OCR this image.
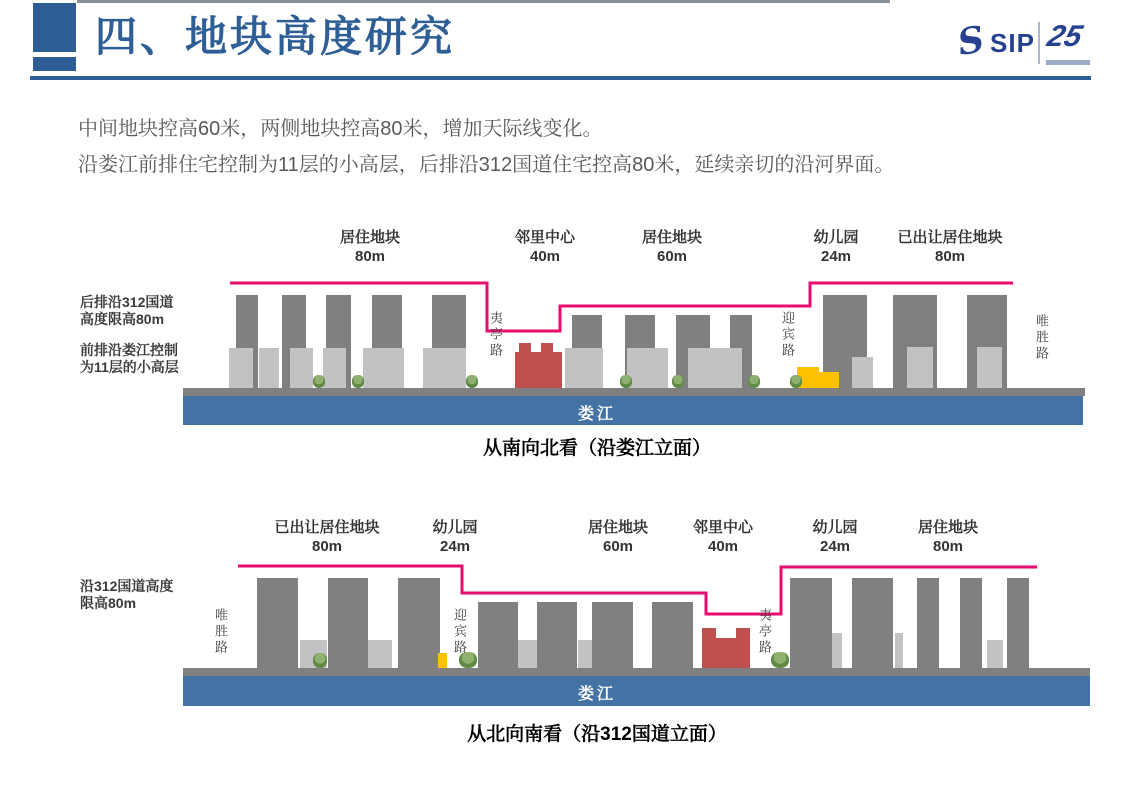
四、地块高度研究	S SIP 25
中间地块控高60米，两侧地块控高80米，增加天际线变化。
沿娄江前排住宅控制为11层的小高层，后排沿312国道住宅控高80米，延续亲切的沿河界面。
娄江
居住地块
80m
邻里中心
40m
居住地块
60m
幼儿园
24m
已出让居住地块
80m
夷亭路	迎宾路	唯胜路
后排沿312国道
高度限高80m
前排沿娄江控制
为11层的小高层
从南向北看（沿娄江立面）
娄江
已出让居住地块
80m
幼儿园
24m
居住地块
60m
邻里中心
40m
幼儿园
24m
居住地块
80m
唯胜路	迎宾路	夷亭路
沿312国道高度
限高80m
从北向南看（沿312国道立面）
